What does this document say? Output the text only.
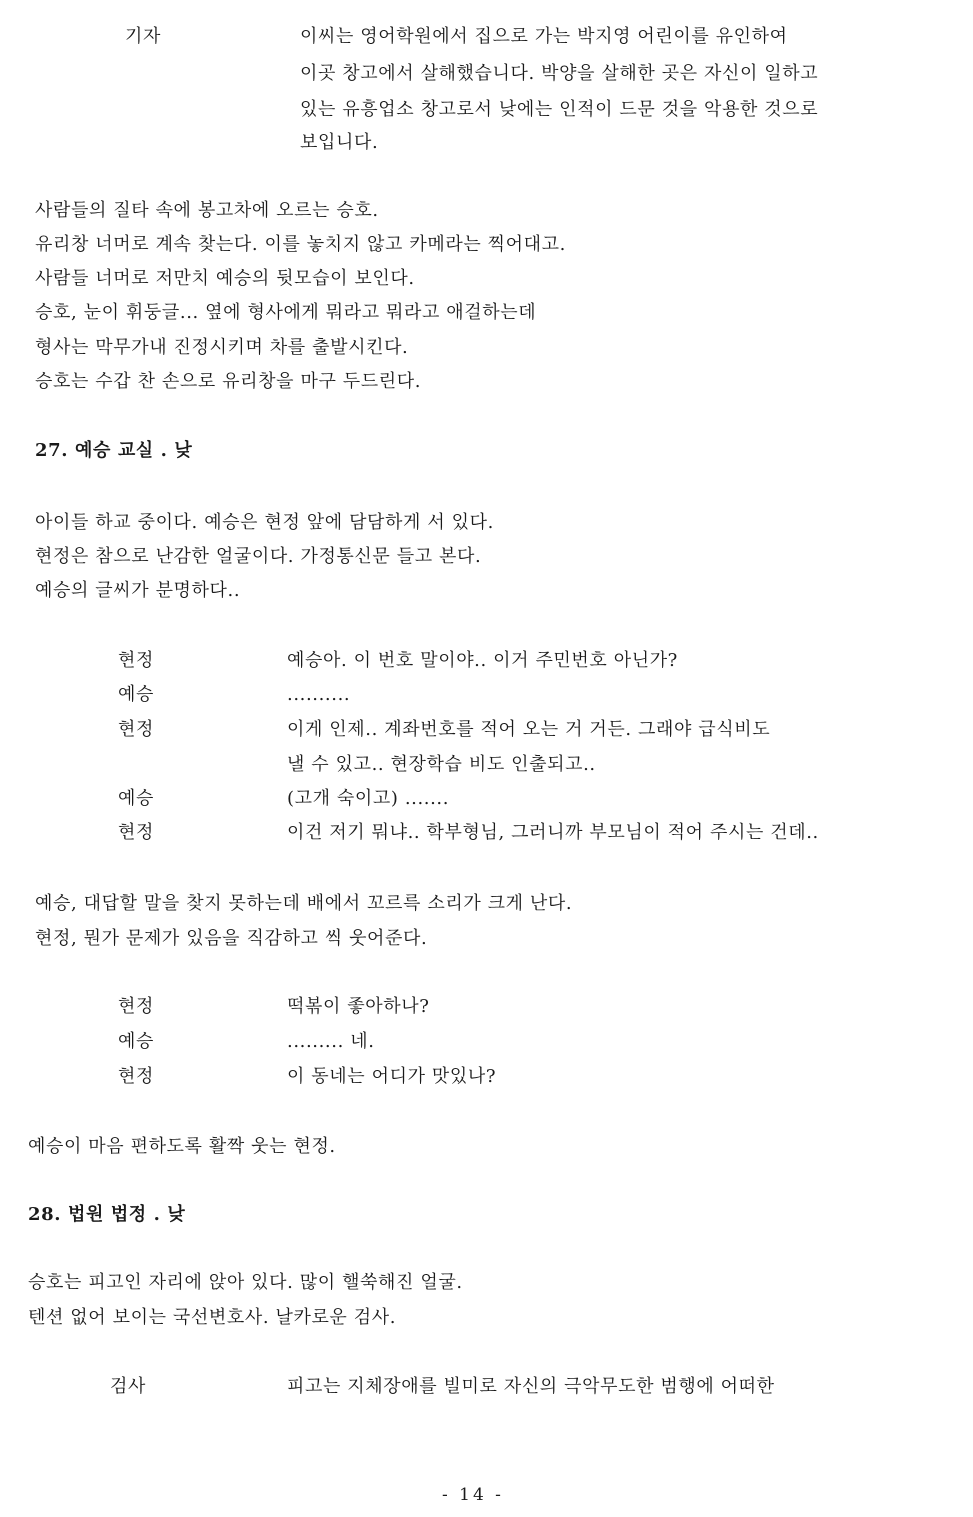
기자	이씨는 영어학원에서 집으로 가는 박지영 어린이를 유인하여
이곳 창고에서 살해했습니다. 박양을 살해한 곳은 자신이 일하고
있는 유흥업소 창고로서 낮에는 인적이 드문 것을 악용한 것으로
보입니다.
사람들의 질타 속에 봉고차에 오르는 승호.
유리창 너머로 계속 찾는다. 이를 놓치지 않고 카메라는 찍어대고.
사람들 너머로 저만치 예승의 뒷모습이 보인다.
승호, 눈이 휘둥글... 옆에 형사에게 뭐라고 뭐라고 애걸하는데
형사는 막무가내 진정시키며 차를 출발시킨다.
승호는 수갑 찬 손으로 유리창을 마구 두드린다.
27. 예승 교실 . 낮
아이들 하교 중이다. 예승은 현정 앞에 담담하게 서 있다.
현정은 참으로 난감한 얼굴이다. 가정통신문 들고 본다.
예승의 글씨가 분명하다..
현정	예승아. 이 번호 말이야.. 이거 주민번호 아닌가?
예승	..........
현정	이게 인제.. 계좌번호를 적어 오는 거 거든. 그래야 급식비도
낼 수 있고.. 현장학습 비도 인출되고..
예승	(고개 숙이고) .......
현정	이건 저기 뭐냐.. 학부형님, 그러니까 부모님이 적어 주시는 건데..
예승, 대답할 말을 찾지 못하는데 배에서 꼬르륵 소리가 크게 난다.
현정, 뭔가 문제가 있음을 직감하고 씩 웃어준다.
현정	떡볶이 좋아하나?
예승	......... 네.
현정	이 동네는 어디가 맛있나?
예승이 마음 편하도록 활짝 웃는 현정.
28. 법원 법정 . 낮
승호는 피고인 자리에 앉아 있다. 많이 핼쑥해진 얼굴.
텐션 없어 보이는 국선변호사. 날카로운 검사.
검사	피고는 지체장애를 빌미로 자신의 극악무도한 범행에 어떠한
- 14 -
